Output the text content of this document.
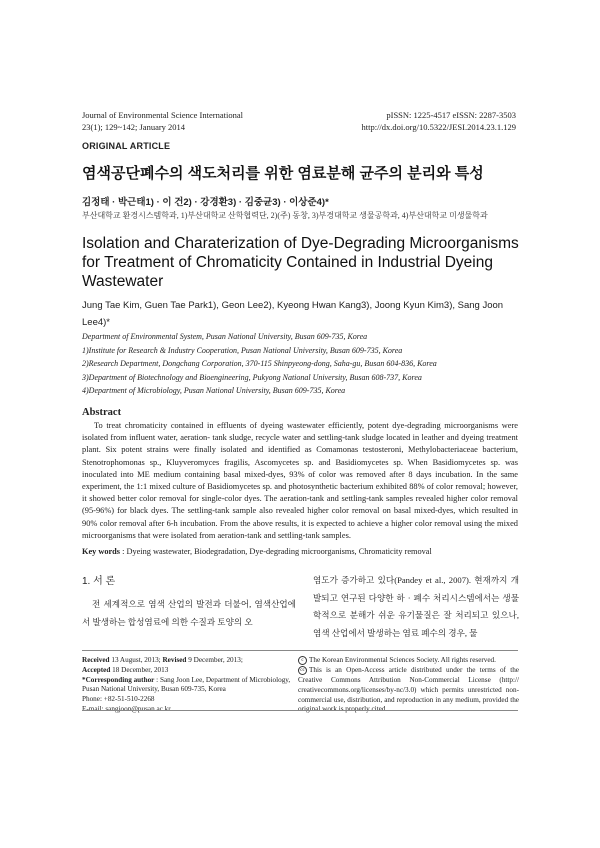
Journal of Environmental Science International
23(1); 129~142; January 2014
pISSN: 1225-4517 eISSN: 2287-3503
http://dx.doi.org/10.5322/JESI.2014.23.1.129
ORIGINAL ARTICLE
염색공단폐수의 색도처리를 위한 염료분해 균주의 분리와 특성
김정태 · 박근태1) · 이 건2) · 강경환3) · 김중균3) · 이상준4)*
부산대학교 환경시스템학과, 1)부산대학교 산학협력단, 2)(주) 동창, 3)부경대학교 생물공학과, 4)부산대학교 미생물학과
Isolation and Charaterization of Dye-Degrading Microorganisms for Treatment of Chromaticity Contained in Industrial Dyeing Wastewater
Jung Tae Kim, Guen Tae Park1), Geon Lee2), Kyeong Hwan Kang3), Joong Kyun Kim3), Sang Joon Lee4)*
Department of Environmental System, Pusan National University, Busan 609-735, Korea
1)Institute for Research & Industry Cooperation, Pusan National University, Busan 609-735, Korea
2)Research Department, Dongchang Corporation, 370-115 Shinpyeong-dong, Saha-gu, Busan 604-836, Korea
3)Department of Biotechnology and Bioengineering, Pukyong National University, Busan 608-737, Korea
4)Department of Microbiology, Pusan National University, Busan 609-735, Korea
Abstract

To treat chromaticity contained in effluents of dyeing wastewater efficiently, potent dye-degrading microorganisms were isolated from influent water, aeration- tank sludge, recycle water and settling-tank sludge located in leather and dyeing treatment plant. Six potent strains were finally isolated and identified as Comamonas testosteroni, Methylobacteriaceae bacterium, Stenotrophomonas sp., Kluyveromyces fragilis, Ascomycetes sp. and Basidiomycetes sp. When Basidiomycetes sp. was inoculated into ME medium containing basal mixed-dyes, 93% of color was removed after 8 days incubation. In the same experiment, the 1:1 mixed culture of Basidiomycetes sp. and photosynthetic bacterium exhibited 88% of color removal; however, it showed better color removal for single-color dyes. The aeration-tank and settling-tank samples revealed higher color removal (95-96%) for black dyes. The settling-tank sample also revealed higher color removal on basal mixed-dyes, which resulted in 90% color removal after 6-h incubation. From the above results, it is expected to achieve a higher color removal using the mixed microorganisms that were isolated from aeration-tank and settling-tank samples.

Key words : Dyeing wastewater, Biodegradation, Dye-degrading microorganisms, Chromaticity removal
1. 서 론

전 세계적으로 염색 산업의 발전과 더불어, 염색산업에서 발생하는 합성염료에 의한 수질과 토양의 오

염도가 증가하고 있다(Pandey et al., 2007). 현재까지 개발되고 연구된 다양한 하 · 폐수 처리시스템에서는 생물학적으로 분해가 쉬운 유기물질은 잘 처리되고 있으나, 염색 산업에서 발생하는 염료 폐수의 경우, 물

Received 13 August, 2013; Revised 9 December, 2013;
Accepted 18 December, 2013
*Corresponding author : Sang Joon Lee, Department of Microbiology, Pusan National University, Busan 609-735, Korea
Phone: +82-51-510-2268
E-mail: sangjoon@pusan.ac.kr
c The Korean Environmental Sciences Society. All rights reserved.
cc This is an Open-Access article distributed under the terms of the Creative Commons Attribution Non-Commercial License (http:// creativecommons.org/licenses/by-nc/3.0) which permits unrestricted non-commercial use, distribution, and reproduction in any medium, provided the original work is properly cited.
